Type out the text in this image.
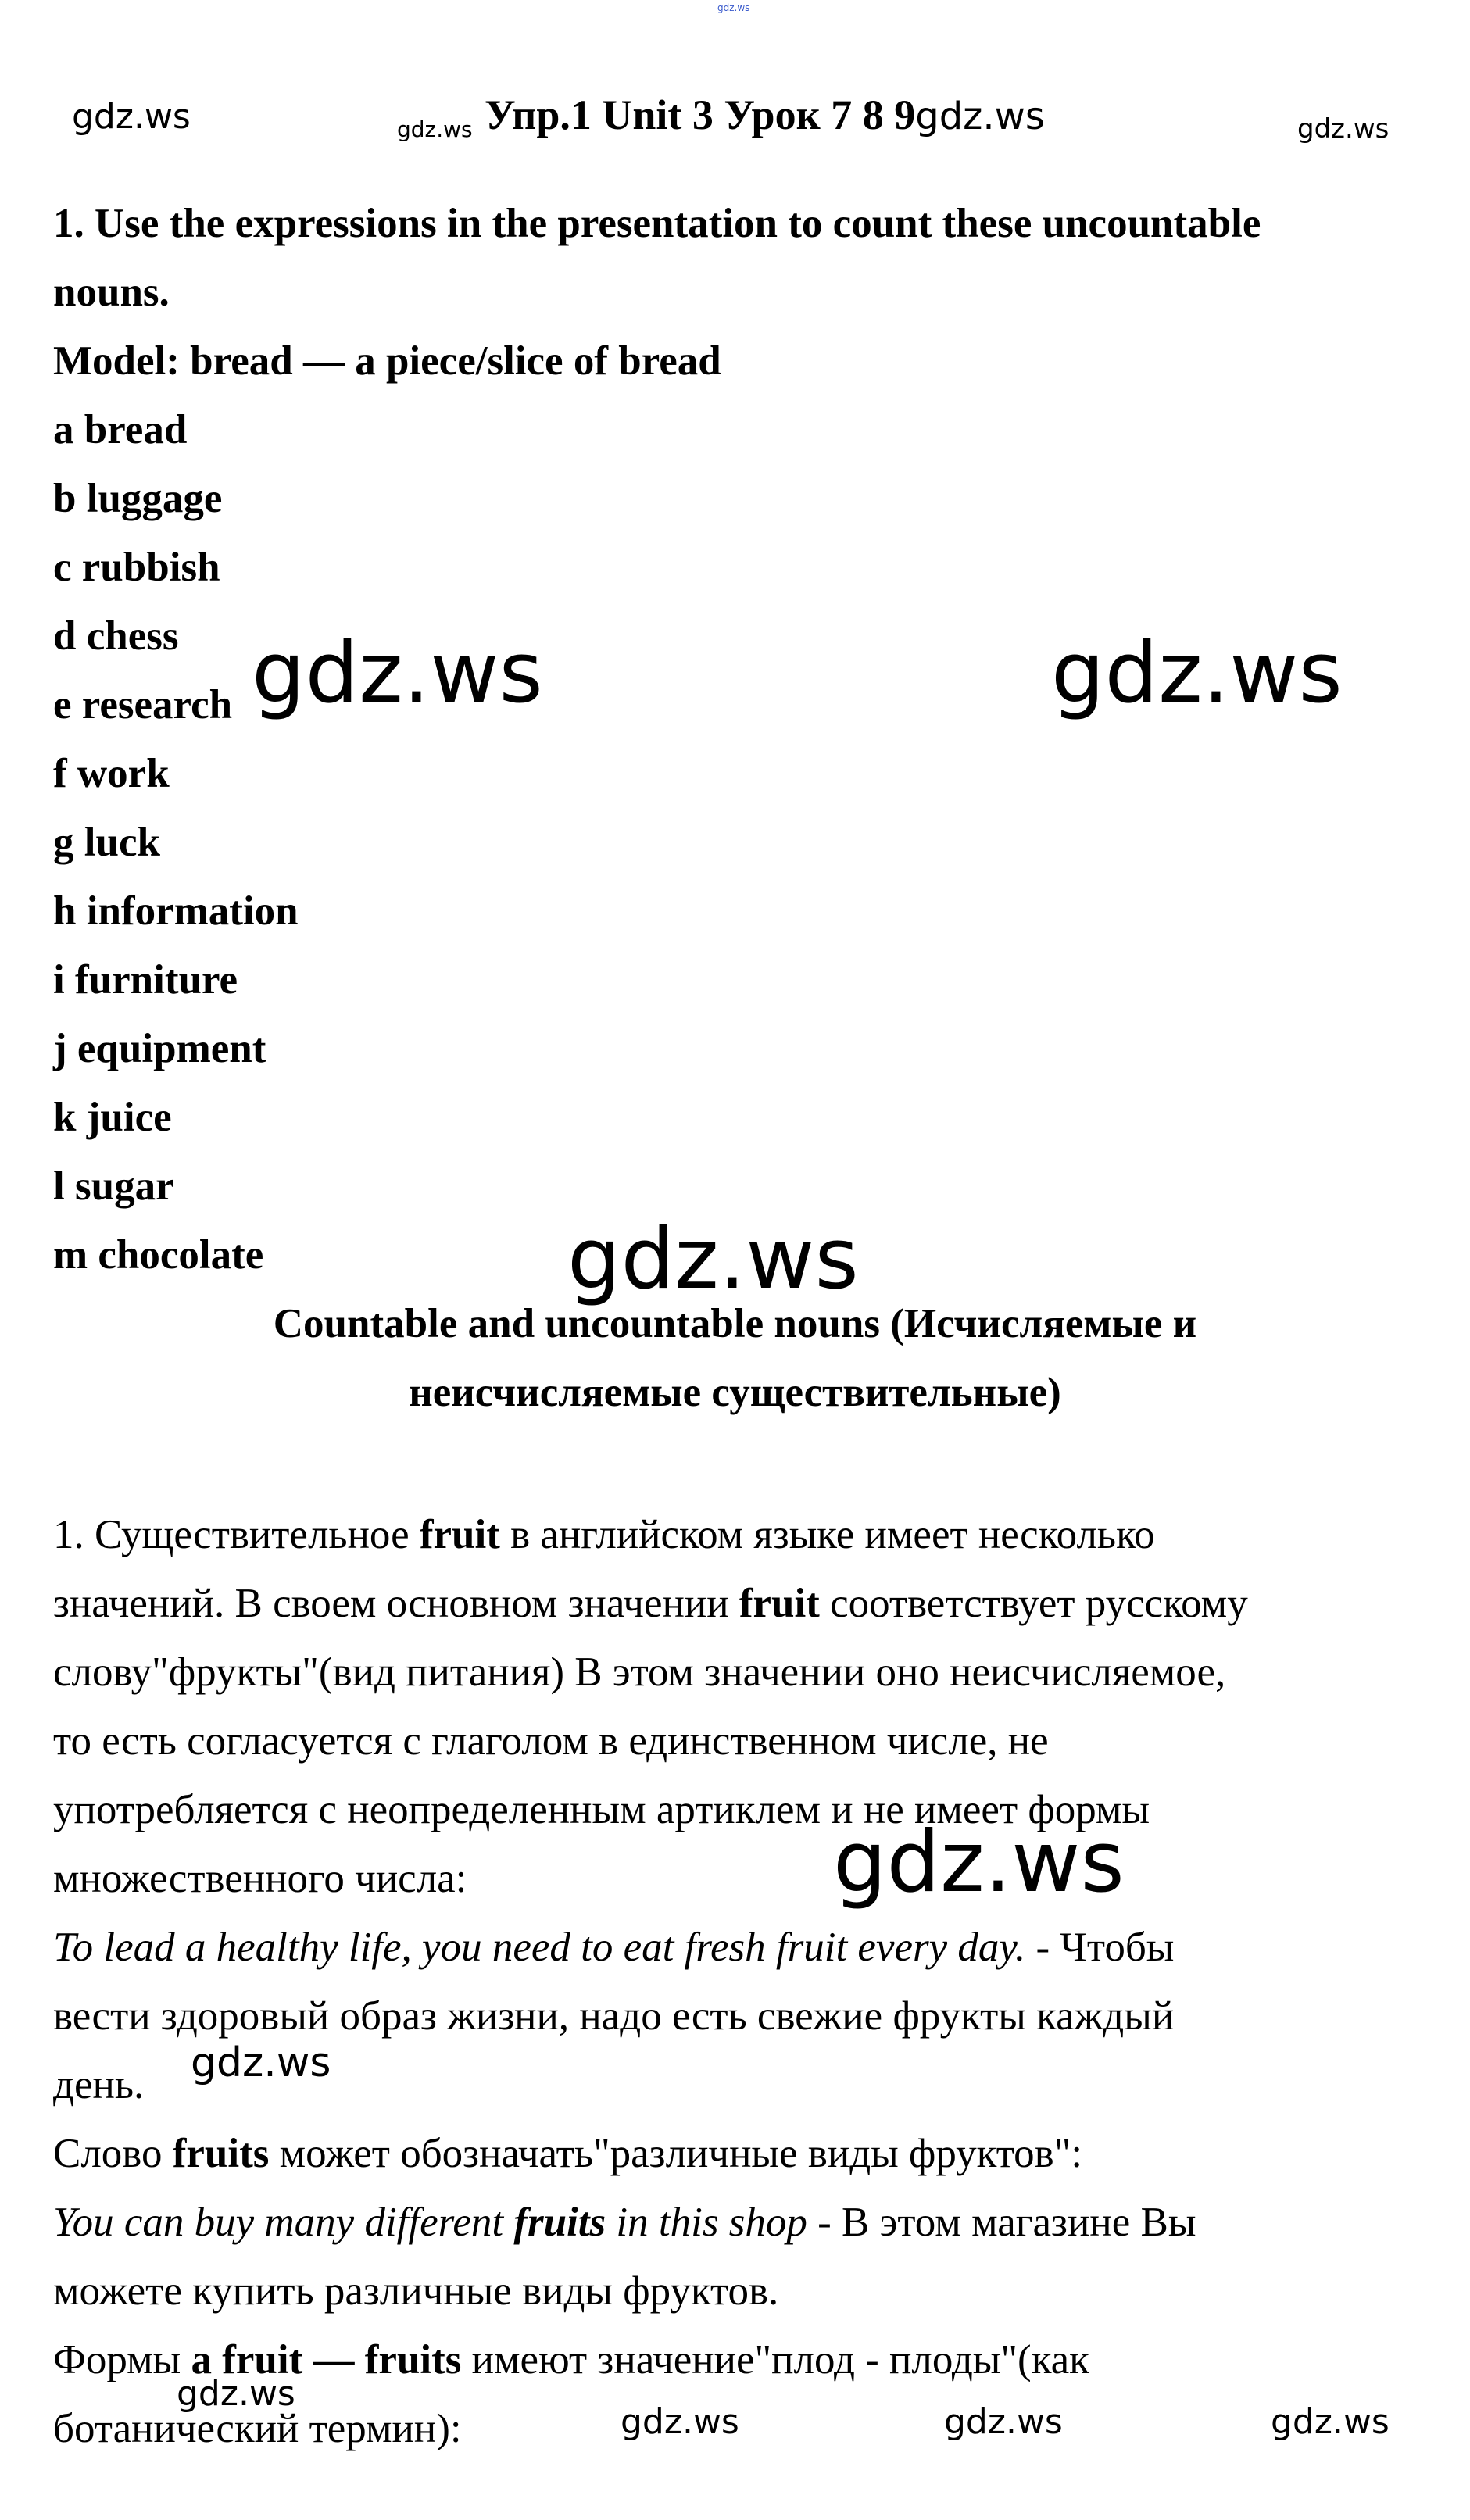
gdz.ws
gdz.ws	gdz.ws	gdz.ws
Упр.1 Unit 3 Урок 7 8 9gdz.ws
1. Use the expressions in the presentation to count these uncountable
nouns.
Model: bread — a piece/slice of bread
a bread
b luggage
c rubbish
d chess
e research
f work
g luck
h information
i furniture
j equipment
k juice
l sugar
m chocolate
gdz.ws	gdz.ws
gdz.ws
Countable and uncountable nouns (Исчисляемые и
неисчисляемые существительные)
1. Существительное fruit в английском языке имеет несколько
значений. В своем основном значении fruit соответствует русскому
слову"фрукты"(вид питания) В этом значении оно неисчисляемое,
то есть согласуется с глаголом в единственном числе, не
употребляется с неопределенным артиклем и не имеет формы
множественного числа:
To lead a healthy life, you need to eat fresh fruit every day. - Чтобы
вести здоровый образ жизни, надо есть свежие фрукты каждый
день.
Слово fruits может обозначать"различные виды фруктов":
You can buy many different fruits in this shop - В этом магазине Вы
можете купить различные виды фруктов.
Формы a fruit — fruits имеют значение"плод - плоды"(как
ботанический термин):
gdz.ws
gdz.ws
gdz.ws
gdz.ws	gdz.ws	gdz.ws
